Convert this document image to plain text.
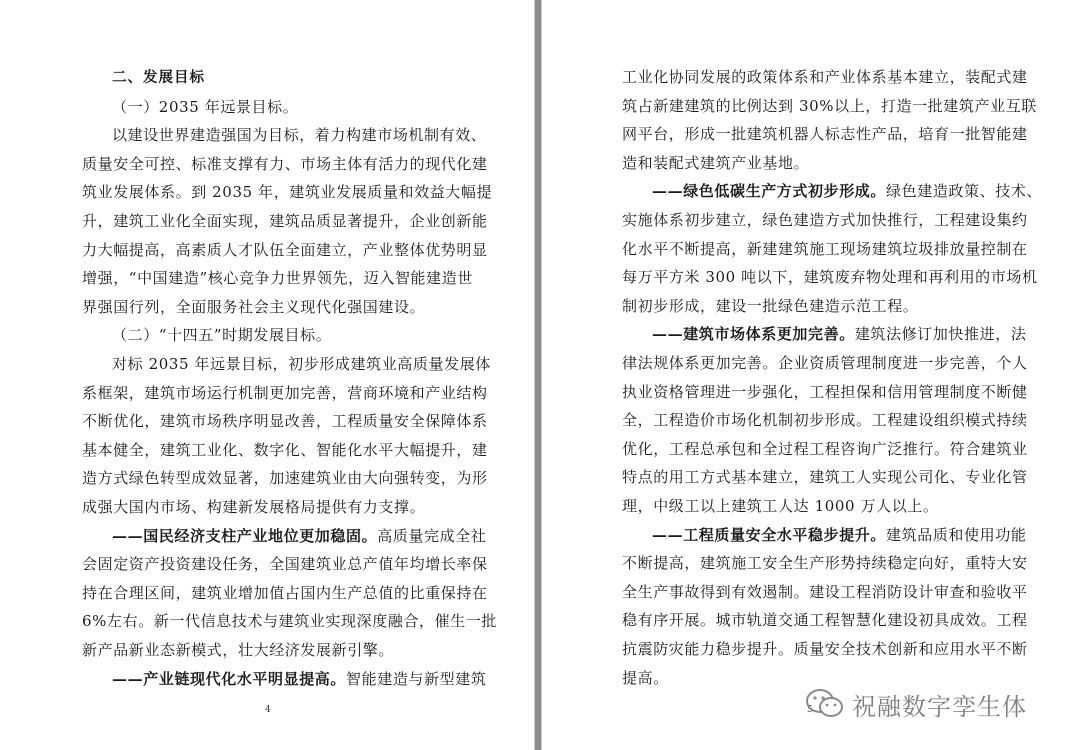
二、发展目标
（一）2035 年远景目标。
以建设世界建造强国为目标，着力构建市场机制有效、
质量安全可控、标准支撑有力、市场主体有活力的现代化建
筑业发展体系。到 2035 年，建筑业发展质量和效益大幅提
升，建筑工业化全面实现，建筑品质显著提升，企业创新能
力大幅提高，高素质人才队伍全面建立，产业整体优势明显
增强，“中国建造”核心竞争力世界领先，迈入智能建造世
界强国行列，全面服务社会主义现代化强国建设。
（二）“十四五”时期发展目标。
对标 2035 年远景目标，初步形成建筑业高质量发展体
系框架，建筑市场运行机制更加完善，营商环境和产业结构
不断优化，建筑市场秩序明显改善，工程质量安全保障体系
基本健全，建筑工业化、数字化、智能化水平大幅提升，建
造方式绿色转型成效显著，加速建筑业由大向强转变，为形
成强大国内市场、构建新发展格局提供有力支撑。
——国民经济支柱产业地位更加稳固。高质量完成全社
会固定资产投资建设任务，全国建筑业总产值年均增长率保
持在合理区间，建筑业增加值占国内生产总值的比重保持在
6%左右。新一代信息技术与建筑业实现深度融合，催生一批
新产品新业态新模式，壮大经济发展新引擎。
——产业链现代化水平明显提高。智能建造与新型建筑
4
工业化协同发展的政策体系和产业体系基本建立，装配式建
筑占新建建筑的比例达到 30%以上，打造一批建筑产业互联
网平台，形成一批建筑机器人标志性产品，培育一批智能建
造和装配式建筑产业基地。
——绿色低碳生产方式初步形成。绿色建造政策、技术、
实施体系初步建立，绿色建造方式加快推行，工程建设集约
化水平不断提高，新建建筑施工现场建筑垃圾排放量控制在
每万平方米 300 吨以下，建筑废弃物处理和再利用的市场机
制初步形成，建设一批绿色建造示范工程。
——建筑市场体系更加完善。建筑法修订加快推进，法
律法规体系更加完善。企业资质管理制度进一步完善，个人
执业资格管理进一步强化，工程担保和信用管理制度不断健
全，工程造价市场化机制初步形成。工程建设组织模式持续
优化，工程总承包和全过程工程咨询广泛推行。符合建筑业
特点的用工方式基本建立，建筑工人实现公司化、专业化管
理，中级工以上建筑工人达 1000 万人以上。
——工程质量安全水平稳步提升。建筑品质和使用功能
不断提高，建筑施工安全生产形势持续稳定向好，重特大安
全生产事故得到有效遏制。建设工程消防设计审查和验收平
稳有序开展。城市轨道交通工程智慧化建设初具成效。工程
抗震防灾能力稳步提升。质量安全技术创新和应用水平不断
提高。
5 祝融数字孪生体
